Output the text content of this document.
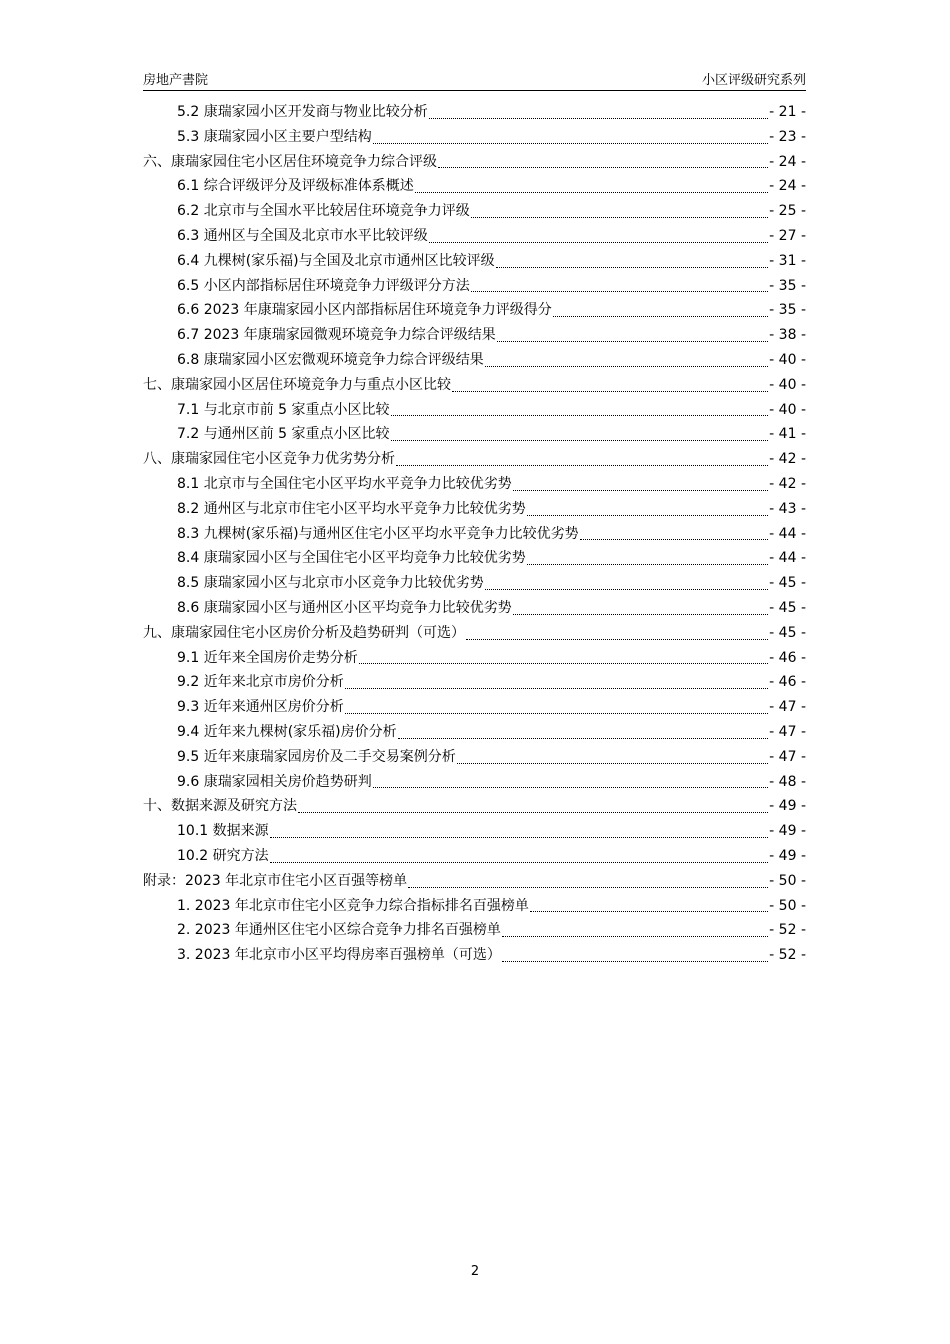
房地产書院	小区评级研究系列
5.2 康瑞家园小区开发商与物业比较分析	- 21 -
5.3 康瑞家园小区主要户型结构	- 23 -
六、康瑞家园住宅小区居住环境竞争力综合评级	- 24 -
6.1 综合评级评分及评级标准体系概述	- 24 -
6.2 北京市与全国水平比较居住环境竞争力评级	- 25 -
6.3 通州区与全国及北京市水平比较评级	- 27 -
6.4 九棵树(家乐福)与全国及北京市通州区比较评级	- 31 -
6.5 小区内部指标居住环境竞争力评级评分方法	- 35 -
6.6 2023 年康瑞家园小区内部指标居住环境竞争力评级得分	- 35 -
6.7 2023 年康瑞家园微观环境竞争力综合评级结果	- 38 -
6.8 康瑞家园小区宏微观环境竞争力综合评级结果	- 40 -
七、康瑞家园小区居住环境竞争力与重点小区比较	- 40 -
7.1 与北京市前 5 家重点小区比较	- 40 -
7.2 与通州区前 5 家重点小区比较	- 41 -
八、康瑞家园住宅小区竞争力优劣势分析	- 42 -
8.1 北京市与全国住宅小区平均水平竞争力比较优劣势	- 42 -
8.2 通州区与北京市住宅小区平均水平竞争力比较优劣势	- 43 -
8.3 九棵树(家乐福)与通州区住宅小区平均水平竞争力比较优劣势	- 44 -
8.4 康瑞家园小区与全国住宅小区平均竞争力比较优劣势	- 44 -
8.5 康瑞家园小区与北京市小区竞争力比较优劣势	- 45 -
8.6 康瑞家园小区与通州区小区平均竞争力比较优劣势	- 45 -
九、康瑞家园住宅小区房价分析及趋势研判（可选）	- 45 -
9.1 近年来全国房价走势分析	- 46 -
9.2 近年来北京市房价分析	- 46 -
9.3 近年来通州区房价分析	- 47 -
9.4 近年来九棵树(家乐福)房价分析	- 47 -
9.5 近年来康瑞家园房价及二手交易案例分析	- 47 -
9.6 康瑞家园相关房价趋势研判	- 48 -
十、数据来源及研究方法	- 49 -
10.1 数据来源	- 49 -
10.2 研究方法	- 49 -
附录：2023 年北京市住宅小区百强等榜单	- 50 -
1. 2023 年北京市住宅小区竞争力综合指标排名百强榜单	- 50 -
2. 2023 年通州区住宅小区综合竞争力排名百强榜单	- 52 -
3. 2023 年北京市小区平均得房率百强榜单（可选）	- 52 -
2
